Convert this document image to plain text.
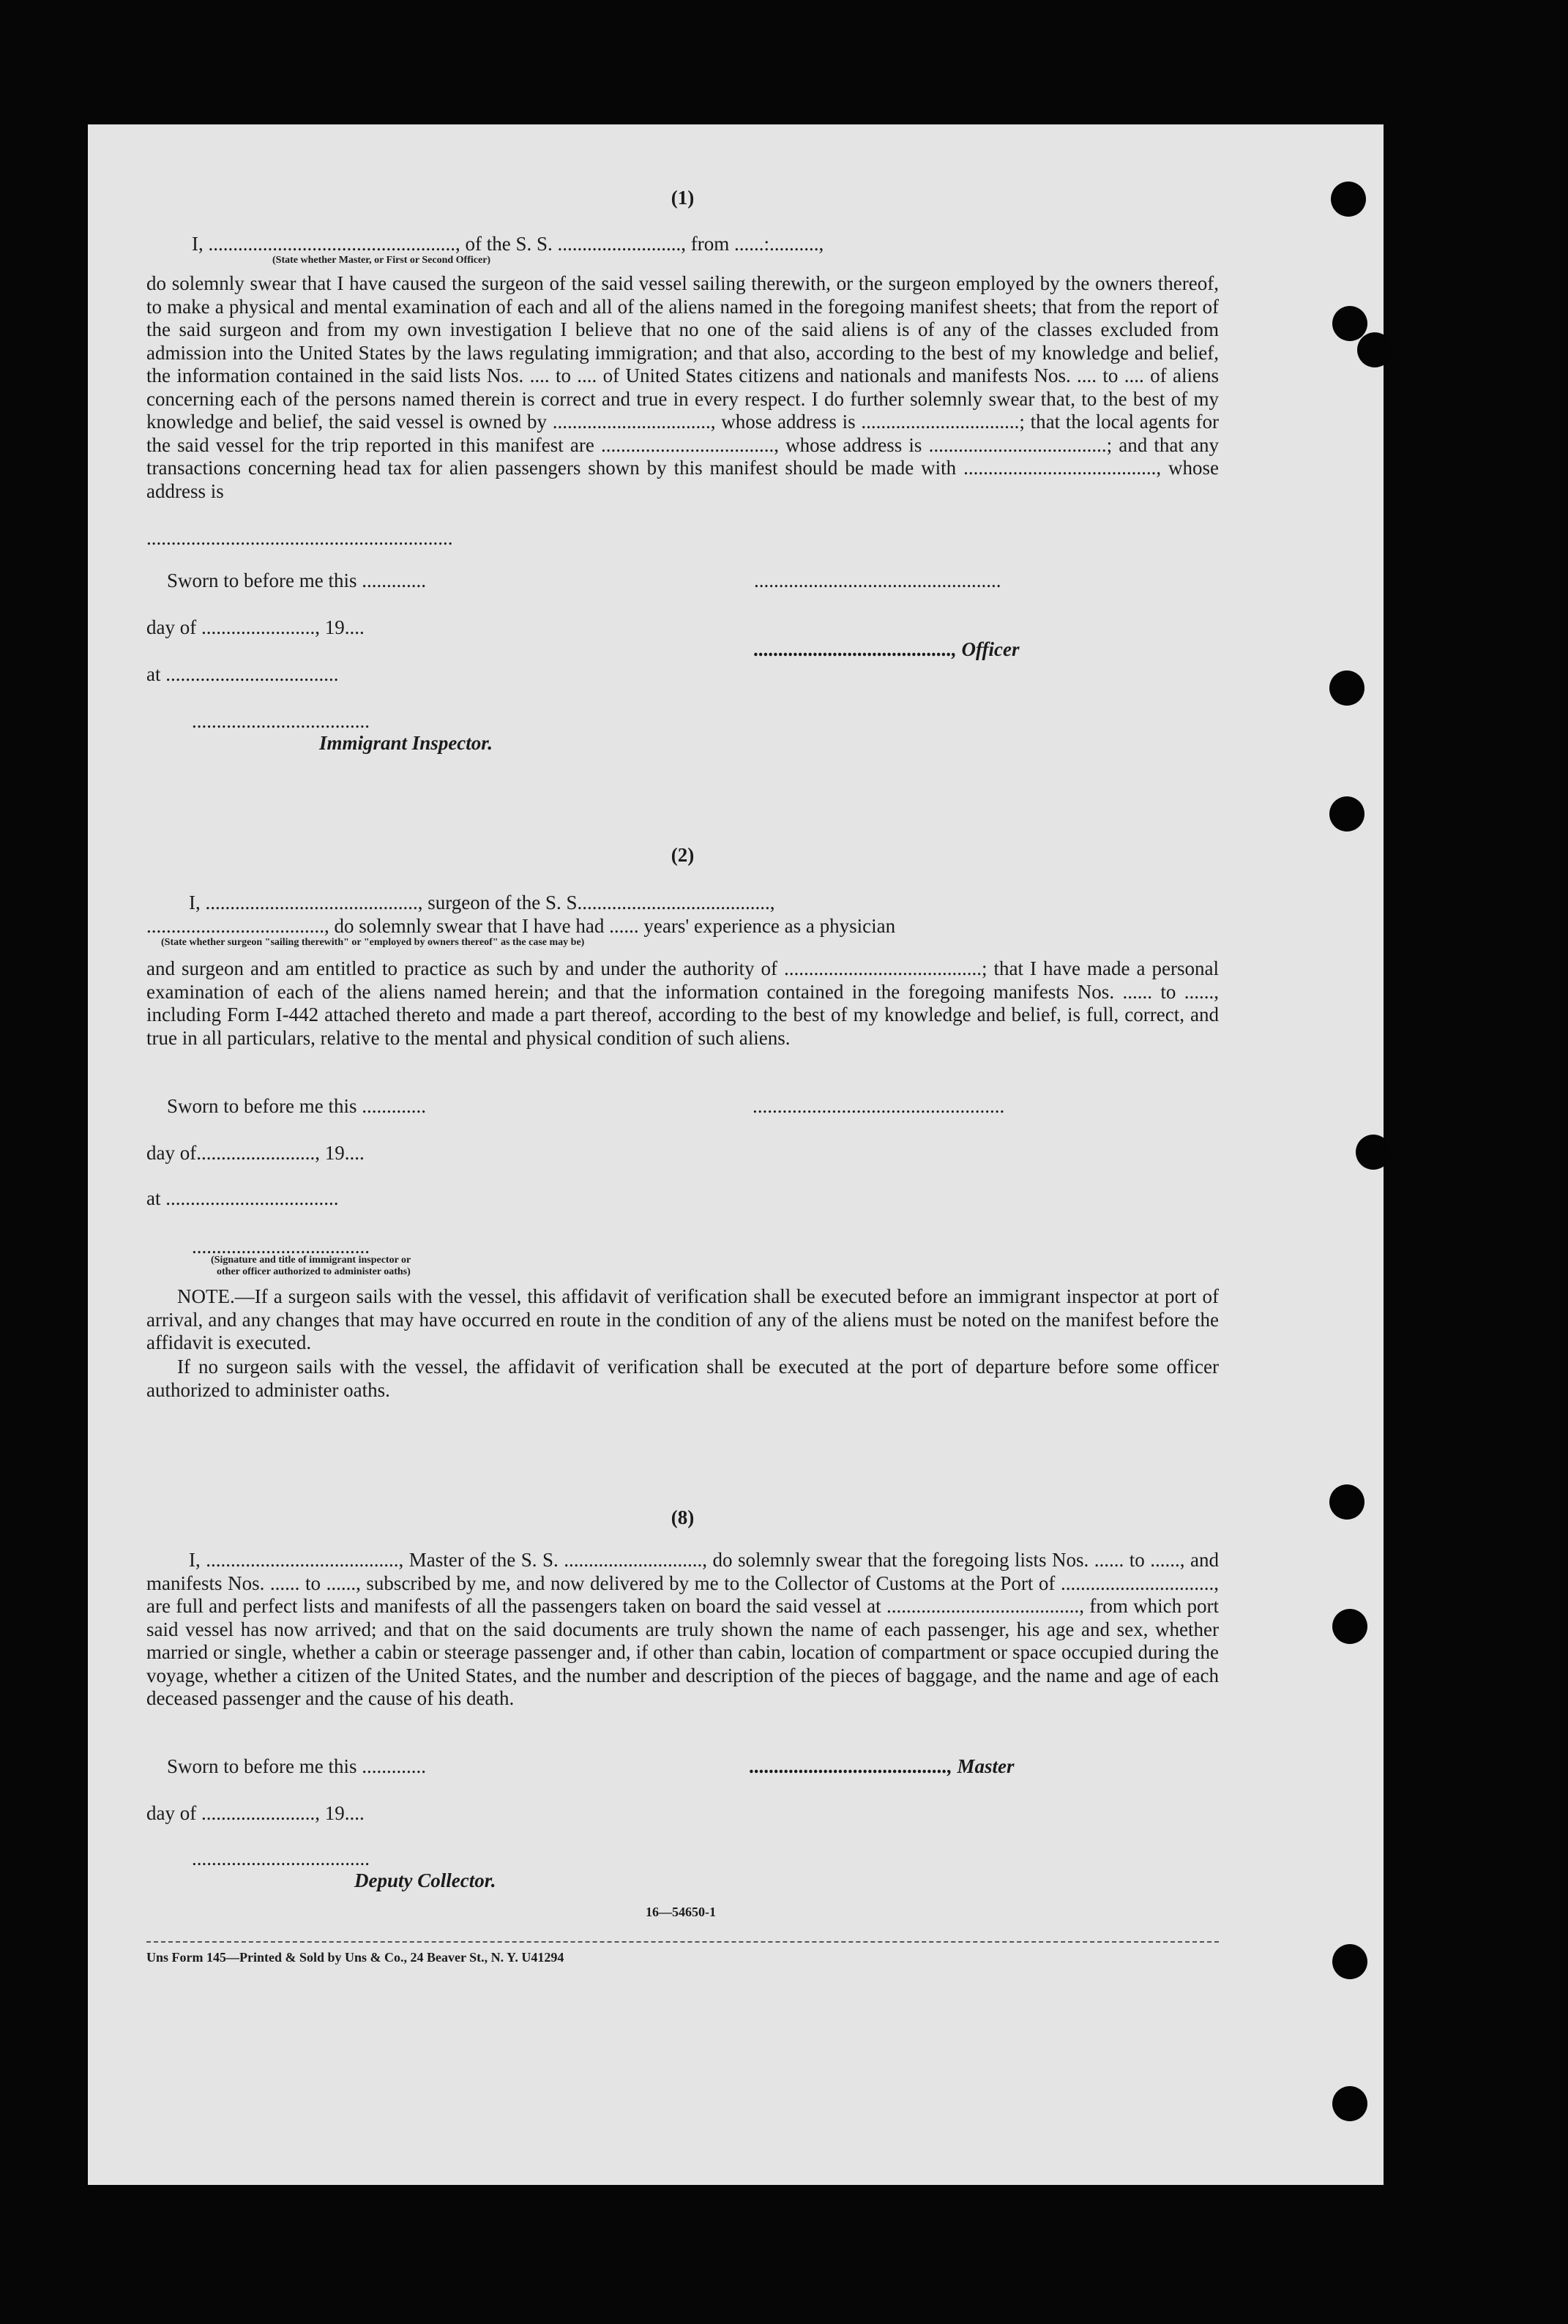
(1)
I, .................................................., of the S. S. ........................., from ......:..........,
(State whether Master, or First or Second Officer)
do solemnly swear that I have caused the surgeon of the said vessel sailing therewith, or the surgeon employed by the owners thereof, to make a physical and mental examination of each and all of the aliens named in the foregoing manifest sheets; that from the report of the said surgeon and from my own investigation I believe that no one of the said aliens is of any of the classes excluded from admission into the United States by the laws regulating immigration; and that also, according to the best of my knowledge and belief, the information contained in the said lists Nos. .... to .... of United States citizens and nationals and manifests Nos. .... to .... of aliens concerning each of the persons named therein is correct and true in every respect. I do further solemnly swear that, to the best of my knowledge and belief, the said vessel is owned by ................................, whose address is ................................; that the local agents for the said vessel for the trip reported in this manifest are ..................................., whose address is ....................................; and that any transactions concerning head tax for alien passengers shown by this manifest should be made with ......................................., whose address is
..............................................................
Sworn to before me this .............	..................................................
day of ......................., 19....
........................................, Officer
at ...................................
....................................
Immigrant Inspector.
(2)
I, ..........................................., surgeon of the S. S.......................................,
...................................., do solemnly swear that I have had ...... years' experience as a physician
(State whether surgeon "sailing therewith" or "employed by owners thereof" as the case may be)
and surgeon and am entitled to practice as such by and under the authority of ........................................; that I have made a personal examination of each of the aliens named herein; and that the information contained in the foregoing manifests Nos. ...... to ......, including Form I-442 attached thereto and made a part thereof, according to the best of my knowledge and belief, is full, correct, and true in all particulars, relative to the mental and physical condition of such aliens.
Sworn to before me this .............	...................................................
day of........................, 19....
at ...................................
....................................
(Signature and title of immigrant inspector or
other officer authorized to administer oaths)
NOTE.—If a surgeon sails with the vessel, this affidavit of verification shall be executed before an immigrant inspector at port of arrival, and any changes that may have occurred en route in the condition of any of the aliens must be noted on the manifest before the affidavit is executed.
If no surgeon sails with the vessel, the affidavit of verification shall be executed at the port of departure before some officer authorized to administer oaths.
(8)
I, ......................................., Master of the S. S. ............................, do solemnly swear that the foregoing lists Nos. ...... to ......, and manifests Nos. ...... to ......, subscribed by me, and now delivered by me to the Collector of Customs at the Port of ..............................., are full and perfect lists and manifests of all the passengers taken on board the said vessel at ......................................., from which port said vessel has now arrived; and that on the said documents are truly shown the name of each passenger, his age and sex, whether married or single, whether a cabin or steerage passenger and, if other than cabin, location of compartment or space occupied during the voyage, whether a citizen of the United States, and the number and description of the pieces of baggage, and the name and age of each deceased passenger and the cause of his death.
Sworn to before me this .............	........................................, Master
day of ......................., 19....
....................................
Deputy Collector.
16—54650-1
Uns Form 145—Printed & Sold by Uns & Co., 24 Beaver St., N. Y. U41294
